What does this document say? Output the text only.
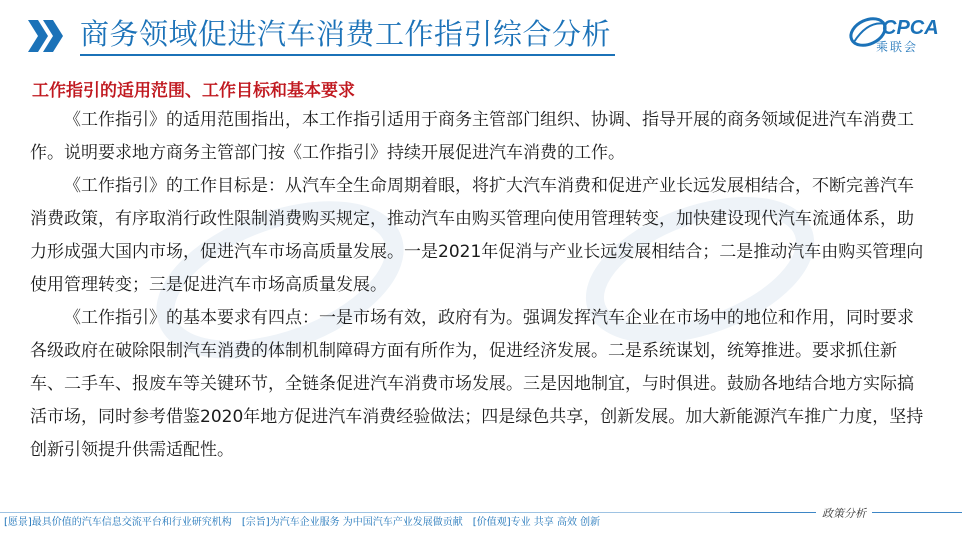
商务领域促进汽车消费工作指引综合分析	CPCA
乘联会
工作指引的适用范围、工作目标和基本要求

《工作指引》的适用范围指出，本工作指引适用于商务主管部门组织、协调、指导开展的商务领域促进汽车消费工作。说明要求地方商务主管部门按《工作指引》持续开展促进汽车消费的工作。

《工作指引》的工作目标是：从汽车全生命周期着眼，将扩大汽车消费和促进产业长远发展相结合，不断完善汽车消费政策，有序取消行政性限制消费购买规定，推动汽车由购买管理向使用管理转变，加快建设现代汽车流通体系，助力形成强大国内市场，促进汽车市场高质量发展。一是2021年促消与产业长远发展相结合；二是推动汽车由购买管理向使用管理转变；三是促进汽车市场高质量发展。

《工作指引》的基本要求有四点：一是市场有效，政府有为。强调发挥汽车企业在市场中的地位和作用，同时要求各级政府在破除限制汽车消费的体制机制障碍方面有所作为，促进经济发展。二是系统谋划，统筹推进。要求抓住新车、二手车、报废车等关键环节，全链条促进汽车消费市场发展。三是因地制宜，与时俱进。鼓励各地结合地方实际搞活市场，同时参考借鉴2020年地方促进汽车消费经验做法；四是绿色共享，创新发展。加大新能源汽车推广力度，坚持创新引领提升供需适配性。

政策分析
[愿景]最具价值的汽车信息交流平台和行业研究机构 [宗旨]为汽车企业服务 为中国汽车产业发展做贡献 [价值观]专业 共享 高效 创新
